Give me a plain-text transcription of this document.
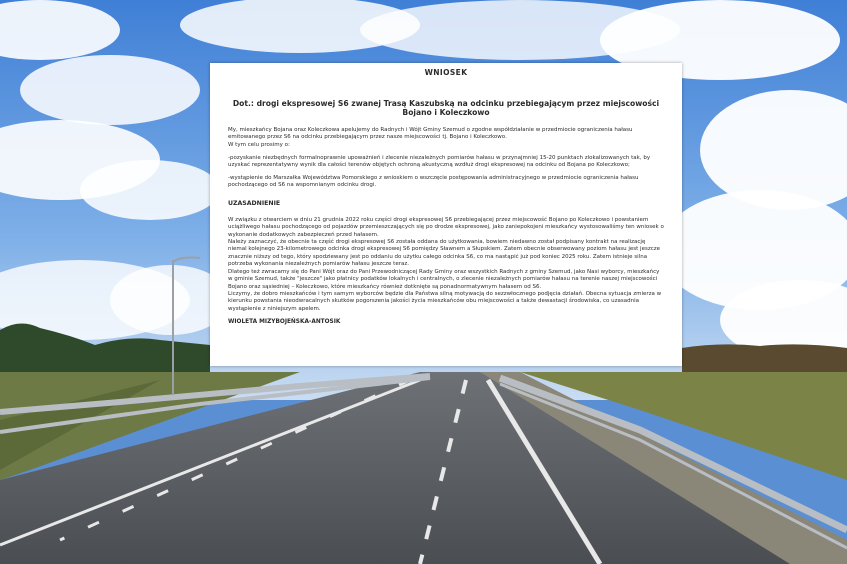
WNIOSEK
Dot.: drogi ekspresowej S6 zwanej Trasą Kaszubską na odcinku przebiegającym przez miejscowości Bojano i Koleczkowo

My, mieszkańcy Bojana oraz Koleczkowa apelujemy do Radnych i Wójt Gminy Szemud o zgodne współdziałanie w przedmiocie ograniczenia hałasu emitowanego przez S6 na odcinku przebiegającym przez nasze miejscowości tj. Bojano i Koleczkowo.

W tym celu prosimy o:

-pozyskanie niezbędnych formalnoprawnie upoważnień i zlecenie niezależnych pomiarów hałasu w przynajmniej 15-20 punktach zlokalizowanych tak, by uzyskać reprezentatywny wynik dla całości terenów objętych ochroną akustyczną wzdłuż drogi ekspresowej na odcinku od Bojana po Koleczkowo;

-wystąpienie do Marszałka Województwa Pomorskiego z wnioskiem o wszczęcie postępowania administracyjnego w przedmiocie ograniczenia hałasu pochodzącego od S6 na wspomnianym odcinku drogi.

UZASADNIENIE

W związku z otwarciem w dniu 21 grudnia 2022 roku części drogi ekspresowej S6 przebiegającej przez miejscowość Bojano po Koleczkowo i powstaniem uciążliwego hałasu pochodzącego od pojazdów przemieszczających się po drodze ekspresowej, jako zaniepokojeni mieszkańcy wystosowaliśmy ten wniosek o wykonanie dodatkowych zabezpieczeń przed hałasem.

Należy zaznaczyć, że obecnie ta część drogi ekspresowej S6 została oddana do użytkowania, bowiem niedawno został podpisany kontrakt na realizację niemal kolejnego 23-kilometrowego odcinka drogi ekspresowej S6 pomiędzy Sławnem a Słupskiem. Zatem obecnie obserwowany poziom hałasu jest jeszcze znacznie niższy od tego, który spodziewany jest po oddaniu do użytku całego odcinka S6, co ma nastąpić już pod koniec 2025 roku. Zatem istnieje silna potrzeba wykonania niezależnych pomiarów hałasu jeszcze teraz.

Dlatego też zwracamy się do Pani Wójt oraz do Pani Przewodniczącej Rady Gminy oraz wszystkich Radnych z gminy Szemud, jako Nasi wyborcy, mieszkańcy w gminie Szemud, także "jeszcze" jako płatnicy podatków lokalnych i centralnych, o zlecenie niezależnych pomiarów hałasu na terenie naszej miejscowości Bojano oraz sąsiedniej – Koleczkowo, które mieszkańcy również dotknięte są ponadnormatywnym hałasem od S6.

Liczymy, że dobro mieszkańców i tym samym wyborców będzie dla Państwa silną motywacją do sezzwłocznego podjęcia działań. Obecna sytuacja zmierza w kierunku powstania nieodwracalnych skutków pogorszenia jakości życia mieszkańców obu miejscowości a także dewastacji środowiska, co uzasadnia wystąpienie z niniejszym apelem.

WIOLETA MIZYBOJEŃSKA-ANTOSIK
